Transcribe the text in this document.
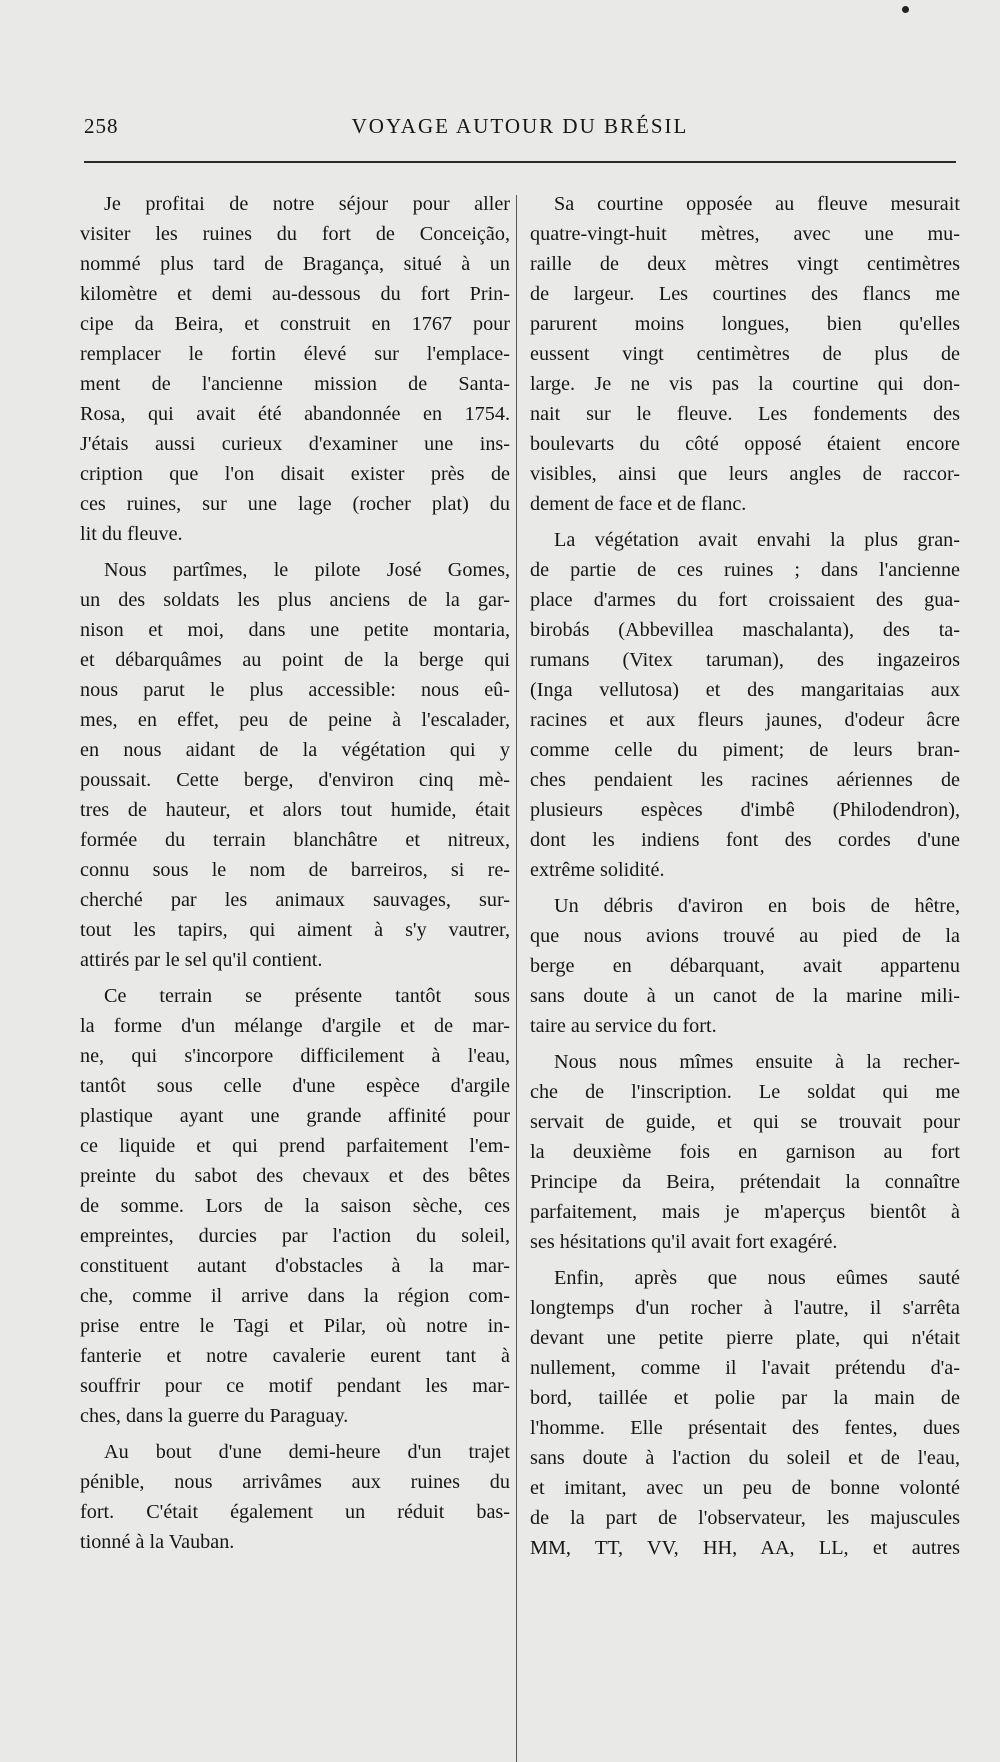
258	VOYAGE AUTOUR DU BRÉSIL

Je profitai de notre séjour pour aller
visiter les ruines du fort de Conceição,
nommé plus tard de Bragança, situé à un
kilomètre et demi au-dessous du fort Prin-
cipe da Beira, et construit en 1767 pour
remplacer le fortin élevé sur l'emplace-
ment de l'ancienne mission de Santa-
Rosa, qui avait été abandonnée en 1754.
J'étais aussi curieux d'examiner une ins-
cription que l'on disait exister près de
ces ruines, sur une lage (rocher plat) du
lit du fleuve.

Nous partîmes, le pilote José Gomes,
un des soldats les plus anciens de la gar-
nison et moi, dans une petite montaria,
et débarquâmes au point de la berge qui
nous parut le plus accessible: nous eû-
mes, en effet, peu de peine à l'escalader,
en nous aidant de la végétation qui y
poussait. Cette berge, d'environ cinq mè-
tres de hauteur, et alors tout humide, était
formée du terrain blanchâtre et nitreux,
connu sous le nom de barreiros, si re-
cherché par les animaux sauvages, sur-
tout les tapirs, qui aiment à s'y vautrer,
attirés par le sel qu'il contient.

Ce terrain se présente tantôt sous
la forme d'un mélange d'argile et de mar-
ne, qui s'incorpore difficilement à l'eau,
tantôt sous celle d'une espèce d'argile
plastique ayant une grande affinité pour
ce liquide et qui prend parfaitement l'em-
preinte du sabot des chevaux et des bêtes
de somme. Lors de la saison sèche, ces
empreintes, durcies par l'action du soleil,
constituent autant d'obstacles à la mar-
che, comme il arrive dans la région com-
prise entre le Tagi et Pilar, où notre in-
fanterie et notre cavalerie eurent tant à
souffrir pour ce motif pendant les mar-
ches, dans la guerre du Paraguay.

Au bout d'une demi-heure d'un trajet
pénible, nous arrivâmes aux ruines du
fort. C'était également un réduit bas-
tionné à la Vauban.

Sa courtine opposée au fleuve mesurait
quatre-vingt-huit mètres, avec une mu-
raille de deux mètres vingt centimètres
de largeur. Les courtines des flancs me
parurent moins longues, bien qu'elles
eussent vingt centimètres de plus de
large. Je ne vis pas la courtine qui don-
nait sur le fleuve. Les fondements des
boulevarts du côté opposé étaient encore
visibles, ainsi que leurs angles de raccor-
dement de face et de flanc.

La végétation avait envahi la plus gran-
de partie de ces ruines ; dans l'ancienne
place d'armes du fort croissaient des gua-
birobás (Abbevillea maschalanta), des ta-
rumans (Vitex taruman), des ingazeiros
(Inga vellutosa) et des mangaritaias aux
racines et aux fleurs jaunes, d'odeur âcre
comme celle du piment; de leurs bran-
ches pendaient les racines aériennes de
plusieurs espèces d'imbê (Philodendron),
dont les indiens font des cordes d'une
extrême solidité.

Un débris d'aviron en bois de hêtre,
que nous avions trouvé au pied de la
berge en débarquant, avait appartenu
sans doute à un canot de la marine mili-
taire au service du fort.

Nous nous mîmes ensuite à la recher-
che de l'inscription. Le soldat qui me
servait de guide, et qui se trouvait pour
la deuxième fois en garnison au fort
Principe da Beira, prétendait la connaître
parfaitement, mais je m'aperçus bientôt à
ses hésitations qu'il avait fort exagéré.

Enfin, après que nous eûmes sauté
longtemps d'un rocher à l'autre, il s'arrêta
devant une petite pierre plate, qui n'était
nullement, comme il l'avait prétendu d'a-
bord, taillée et polie par la main de
l'homme. Elle présentait des fentes, dues
sans doute à l'action du soleil et de l'eau,
et imitant, avec un peu de bonne volonté
de la part de l'observateur, les majuscules
MM, TT, VV, HH, AA, LL, et autres
